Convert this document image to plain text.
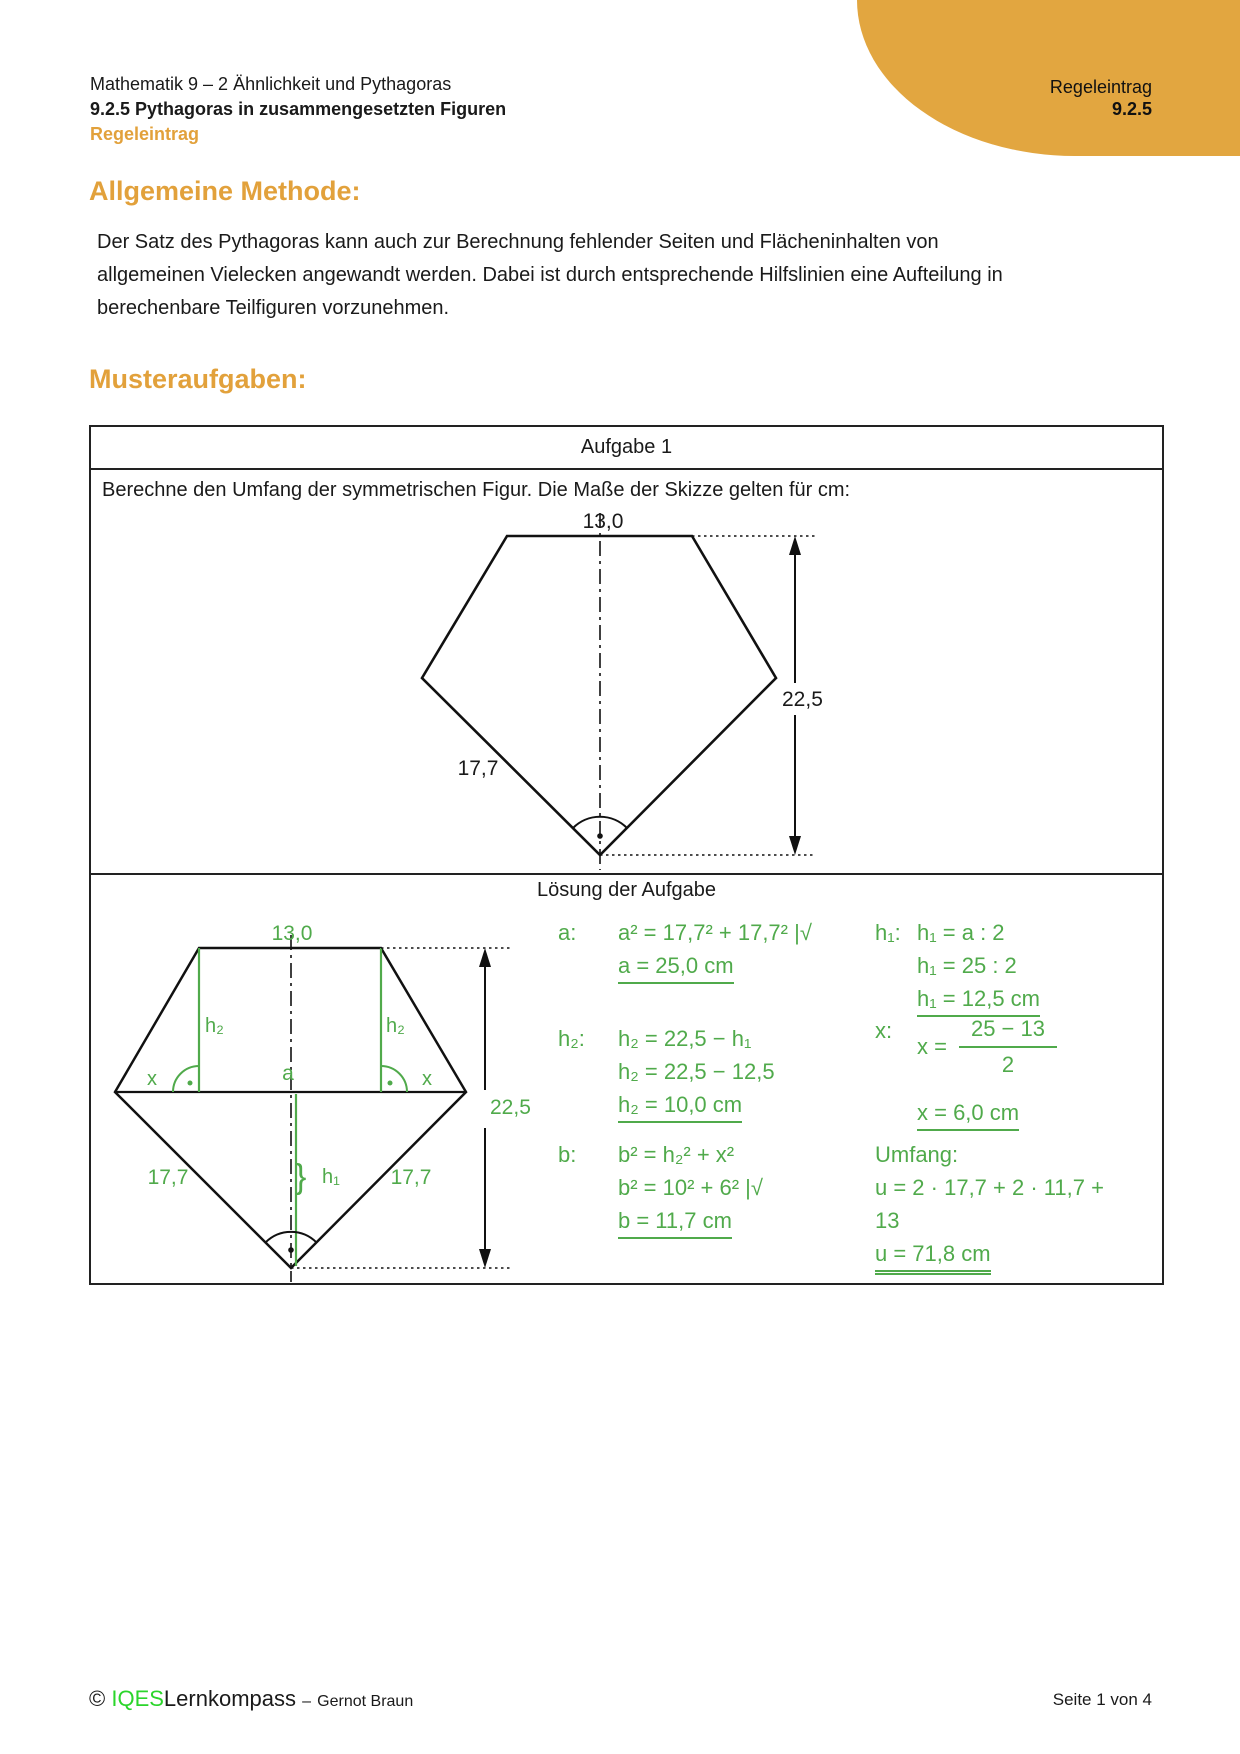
Regeleintrag
9.2.5
Mathematik 9 – 2 Ähnlichkeit und Pythagoras
9.2.5 Pythagoras in zusammengesetzten Figuren
Regeleintrag
Allgemeine Methode:
Der Satz des Pythagoras kann auch zur Berechnung fehlender Seiten und Flächeninhalten von
allgemeinen Vielecken angewandt werden. Dabei ist durch entsprechende Hilfslinien eine Aufteilung in
berechenbare Teilfiguren vorzunehmen.
Musteraufgaben:
Aufgabe 1
Berechne den Umfang der symmetrischen Figur. Die Maße der Skizze gelten für cm:
Lösung der Aufgabe
13,0
17,7
22,5
13,0
h₂	h₂
x	x
a
17,7	17,7
22,5
} h₁
a: a² = 17,7² + 17,7² |√
a = 25,0 cm
h₂: h₂ = 22,5 − h₁
h₂ = 22,5 − 12,5
h₂ = 10,0 cm
b: b² = h₂² + x²
b² = 10² + 6² |√
b = 11,7 cm
h₁: h₁ = a : 2
h₁ = 25 : 2
h₁ = 12,5 cm
x:
$x = \frac{25 - 13}{2}$
x = 6,0 cm
Umfang:
u = 2 · 17,7 + 2 · 11,7 +
13
u = 71,8 cm
© IQESLernkompass – Gernot Braun	Seite 1 von 4
